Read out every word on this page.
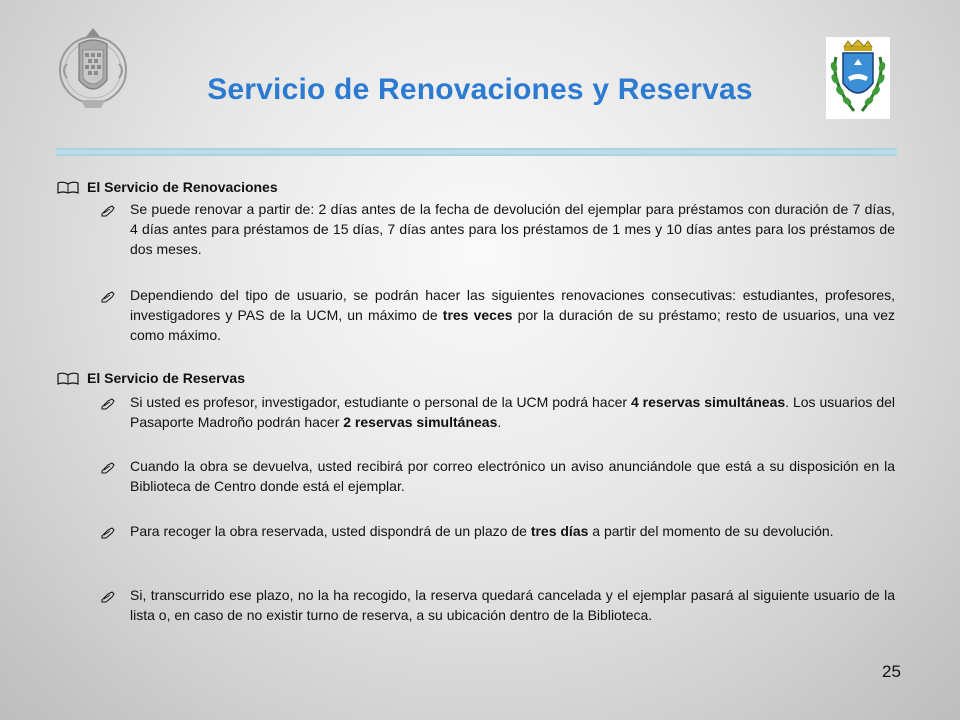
Servicio de Renovaciones y Reservas
El Servicio de Renovaciones
Se puede renovar a partir de: 2 días antes de la fecha de devolución del ejemplar para préstamos con duración de 7 días, 4 días antes para préstamos de 15 días, 7 días antes para los préstamos de 1 mes y 10 días antes para los préstamos de dos meses.
Dependiendo del tipo de usuario, se podrán hacer las siguientes renovaciones consecutivas: estudiantes, profesores, investigadores y PAS de la UCM, un máximo de tres veces por la duración de su préstamo; resto de usuarios, una vez como máximo.
El Servicio de Reservas
Si usted es profesor, investigador, estudiante o personal de la UCM podrá hacer 4 reservas simultáneas. Los usuarios del Pasaporte Madroño podrán hacer 2 reservas simultáneas.
Cuando la obra se devuelva, usted recibirá por correo electrónico un aviso anunciándole que está a su disposición en la Biblioteca de Centro donde está el ejemplar.
Para recoger la obra reservada, usted dispondrá de un plazo de tres días a partir del momento de su devolución.
Si, transcurrido ese plazo, no la ha recogido, la reserva quedará cancelada y el ejemplar pasará al siguiente usuario de la lista o, en caso de no existir turno de reserva, a su ubicación dentro de la Biblioteca.
25
